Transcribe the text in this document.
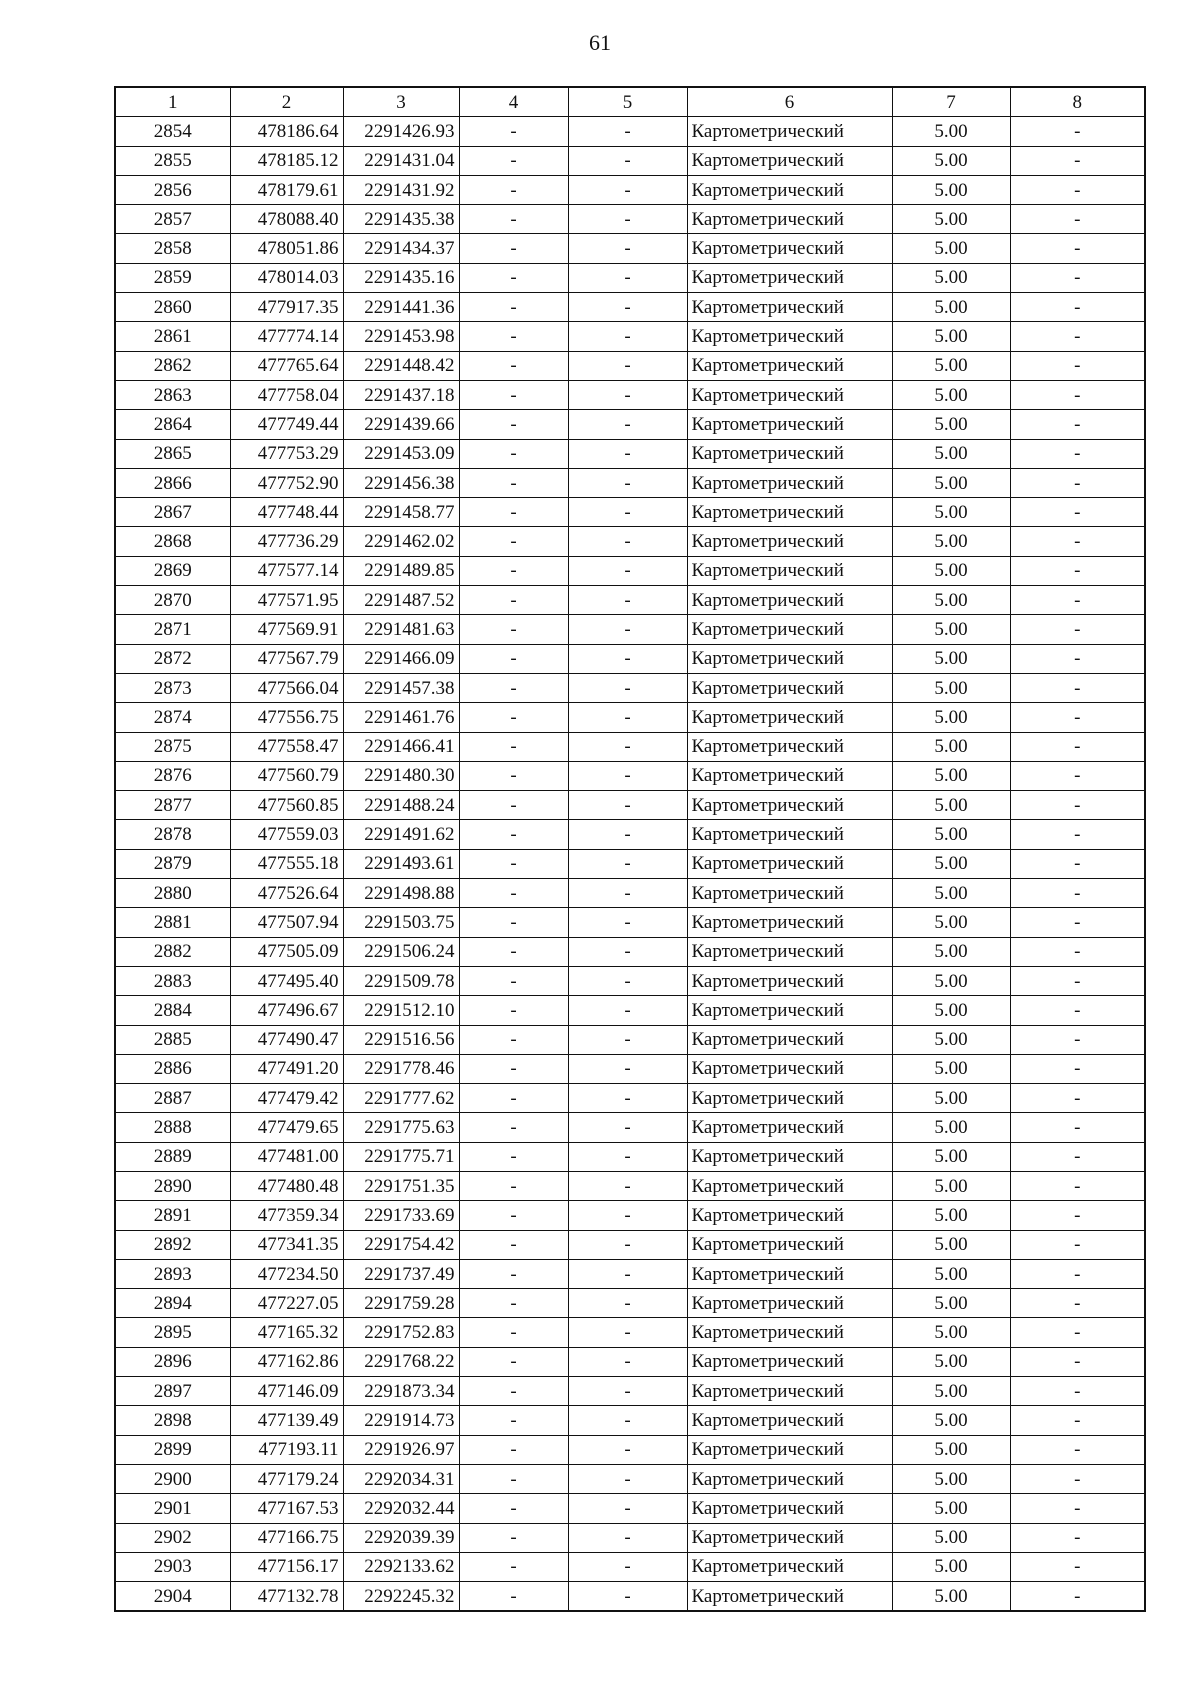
61
1	2	3	4	5	6	7	8
2854	478186.64	2291426.93	-	-	Картометрический	5.00	-
2855	478185.12	2291431.04	-	-	Картометрический	5.00	-
2856	478179.61	2291431.92	-	-	Картометрический	5.00	-
2857	478088.40	2291435.38	-	-	Картометрический	5.00	-
2858	478051.86	2291434.37	-	-	Картометрический	5.00	-
2859	478014.03	2291435.16	-	-	Картометрический	5.00	-
2860	477917.35	2291441.36	-	-	Картометрический	5.00	-
2861	477774.14	2291453.98	-	-	Картометрический	5.00	-
2862	477765.64	2291448.42	-	-	Картометрический	5.00	-
2863	477758.04	2291437.18	-	-	Картометрический	5.00	-
2864	477749.44	2291439.66	-	-	Картометрический	5.00	-
2865	477753.29	2291453.09	-	-	Картометрический	5.00	-
2866	477752.90	2291456.38	-	-	Картометрический	5.00	-
2867	477748.44	2291458.77	-	-	Картометрический	5.00	-
2868	477736.29	2291462.02	-	-	Картометрический	5.00	-
2869	477577.14	2291489.85	-	-	Картометрический	5.00	-
2870	477571.95	2291487.52	-	-	Картометрический	5.00	-
2871	477569.91	2291481.63	-	-	Картометрический	5.00	-
2872	477567.79	2291466.09	-	-	Картометрический	5.00	-
2873	477566.04	2291457.38	-	-	Картометрический	5.00	-
2874	477556.75	2291461.76	-	-	Картометрический	5.00	-
2875	477558.47	2291466.41	-	-	Картометрический	5.00	-
2876	477560.79	2291480.30	-	-	Картометрический	5.00	-
2877	477560.85	2291488.24	-	-	Картометрический	5.00	-
2878	477559.03	2291491.62	-	-	Картометрический	5.00	-
2879	477555.18	2291493.61	-	-	Картометрический	5.00	-
2880	477526.64	2291498.88	-	-	Картометрический	5.00	-
2881	477507.94	2291503.75	-	-	Картометрический	5.00	-
2882	477505.09	2291506.24	-	-	Картометрический	5.00	-
2883	477495.40	2291509.78	-	-	Картометрический	5.00	-
2884	477496.67	2291512.10	-	-	Картометрический	5.00	-
2885	477490.47	2291516.56	-	-	Картометрический	5.00	-
2886	477491.20	2291778.46	-	-	Картометрический	5.00	-
2887	477479.42	2291777.62	-	-	Картометрический	5.00	-
2888	477479.65	2291775.63	-	-	Картометрический	5.00	-
2889	477481.00	2291775.71	-	-	Картометрический	5.00	-
2890	477480.48	2291751.35	-	-	Картометрический	5.00	-
2891	477359.34	2291733.69	-	-	Картометрический	5.00	-
2892	477341.35	2291754.42	-	-	Картометрический	5.00	-
2893	477234.50	2291737.49	-	-	Картометрический	5.00	-
2894	477227.05	2291759.28	-	-	Картометрический	5.00	-
2895	477165.32	2291752.83	-	-	Картометрический	5.00	-
2896	477162.86	2291768.22	-	-	Картометрический	5.00	-
2897	477146.09	2291873.34	-	-	Картометрический	5.00	-
2898	477139.49	2291914.73	-	-	Картометрический	5.00	-
2899	477193.11	2291926.97	-	-	Картометрический	5.00	-
2900	477179.24	2292034.31	-	-	Картометрический	5.00	-
2901	477167.53	2292032.44	-	-	Картометрический	5.00	-
2902	477166.75	2292039.39	-	-	Картометрический	5.00	-
2903	477156.17	2292133.62	-	-	Картометрический	5.00	-
2904	477132.78	2292245.32	-	-	Картометрический	5.00	-
